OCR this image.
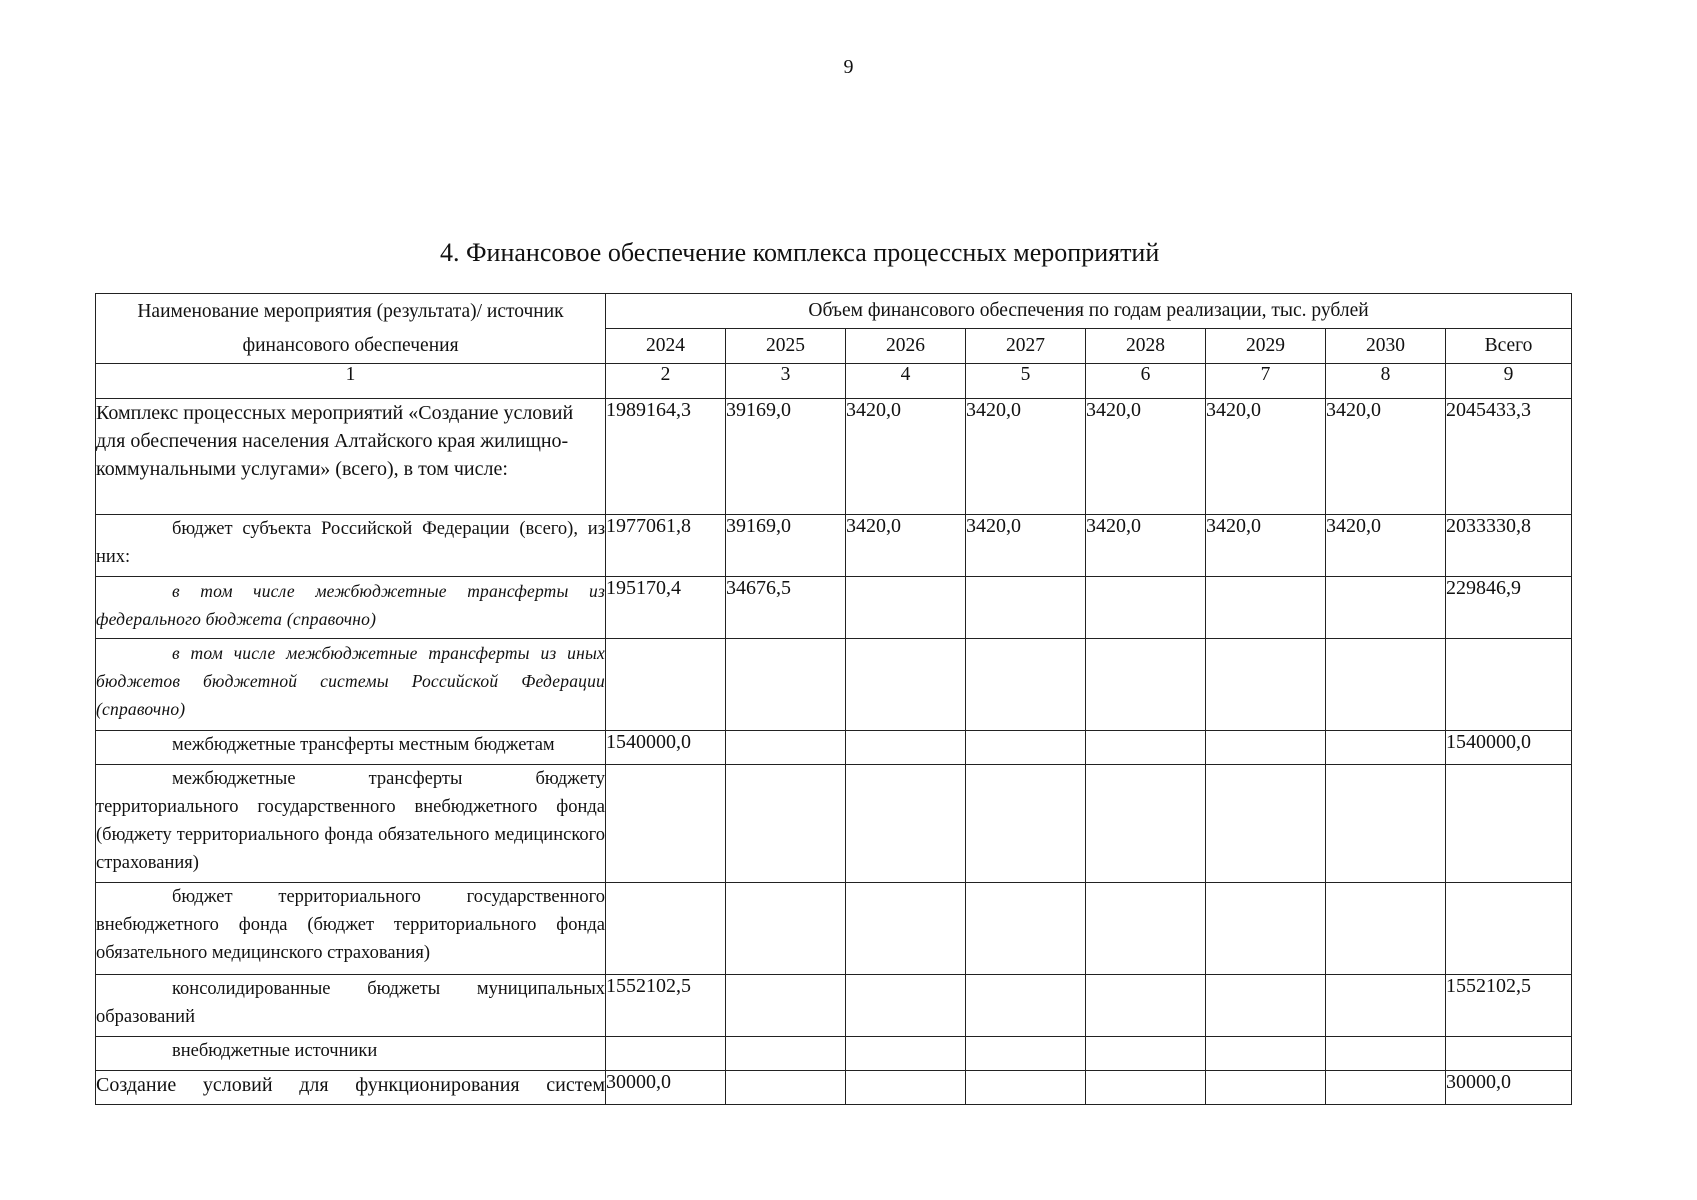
9
4. Финансовое обеспечение комплекса процессных мероприятий
Наименование мероприятия (результата)/ источник финансового обеспечения	Объем финансового обеспечения по годам реализации, тыс. рублей							
	2024	2025	2026	2027	2028	2029	2030	Всего
1	2	3	4	5	6	7	8	9
Комплекс процессных мероприятий «Создание условий для обеспечения населения Алтайского края жилищно-коммунальными услугами» (всего), в том числе:	1989164,3	39169,0	3420,0	3420,0	3420,0	3420,0	3420,0	2045433,3
бюджет субъекта Российской Федерации (всего), из них:	1977061,8	39169,0	3420,0	3420,0	3420,0	3420,0	3420,0	2033330,8
в том числе межбюджетные трансферты из федерального бюджета (справочно)	195170,4	34676,5						229846,9
в том числе межбюджетные трансферты из иных бюджетов бюджетной системы Российской Федерации (справочно)								
межбюджетные трансферты местным бюджетам	1540000,0							1540000,0
межбюджетные трансферты бюджету территориального государственного внебюджетного фонда (бюджету территориального фонда обязательного медицинского страхования)								
бюджет территориального государственного внебюджетного фонда (бюджет территориального фонда обязательного медицинского страхования)								
консолидированные бюджеты муниципальных образований	1552102,5							1552102,5
внебюджетные источники								
Создание условий для функционирования систем	30000,0							30000,0
